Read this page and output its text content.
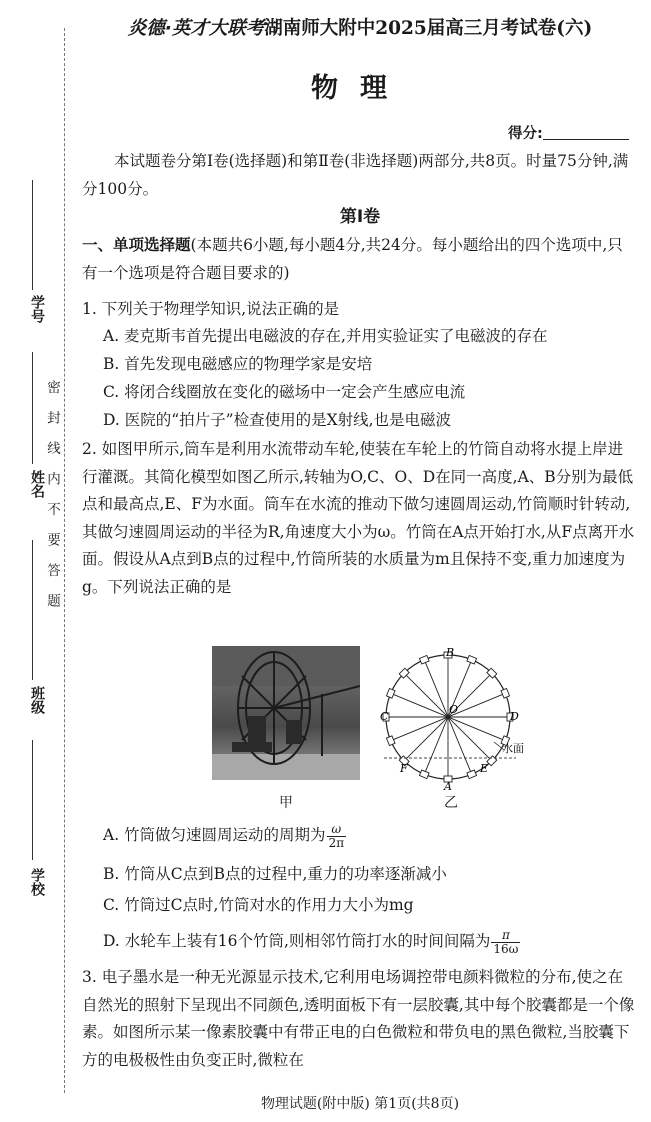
学号
姓名
班级
学校
密封线内不要答题
炎德·英才大联考湖南师大附中2025届高三月考试卷(六)
物理
得分:
本试题卷分第Ⅰ卷(选择题)和第Ⅱ卷(非选择题)两部分,共8页。时量75分钟,满分100分。
第Ⅰ卷
一、单项选择题(本题共6小题,每小题4分,共24分。每小题给出的四个选项中,只有一个选项是符合题目要求的)
1. 下列关于物理学知识,说法正确的是
A. 麦克斯韦首先提出电磁波的存在,并用实验证实了电磁波的存在
B. 首先发现电磁感应的物理学家是安培
C. 将闭合线圈放在变化的磁场中一定会产生感应电流
D. 医院的“拍片子”检查使用的是X射线,也是电磁波
2. 如图甲所示,筒车是利用水流带动车轮,使装在车轮上的竹筒自动将水提上岸进行灌溉。其简化模型如图乙所示,转轴为O,C、O、D在同一高度,A、B分别为最低点和最高点,E、F为水面。筒车在水流的推动下做匀速圆周运动,竹筒顺时针转动,其做匀速圆周运动的半径为R,角速度大小为ω。竹筒在A点开始打水,从F点离开水面。假设从A点到B点的过程中,竹筒所装的水质量为m且保持不变,重力加速度为g。下列说法正确的是
甲
B
C
O
D
F
A
E
水面
乙
A. 竹筒做匀速圆周运动的周期为 $\frac{\omega}{2\pi}$
B. 竹筒从C点到B点的过程中,重力的功率逐渐减小
C. 竹筒过C点时,竹筒对水的作用力大小为mg
D. 水轮车上装有16个竹筒,则相邻竹筒打水的时间间隔为 $\frac{\pi}{16\omega}$
3. 电子墨水是一种无光源显示技术,它利用电场调控带电颜料微粒的分布,使之在自然光的照射下呈现出不同颜色,透明面板下有一层胶囊,其中每个胶囊都是一个像素。如图所示某一像素胶囊中有带正电的白色微粒和带负电的黑色微粒,当胶囊下方的电极极性由负变正时,微粒在
物理试题(附中版) 第1页(共8页)
